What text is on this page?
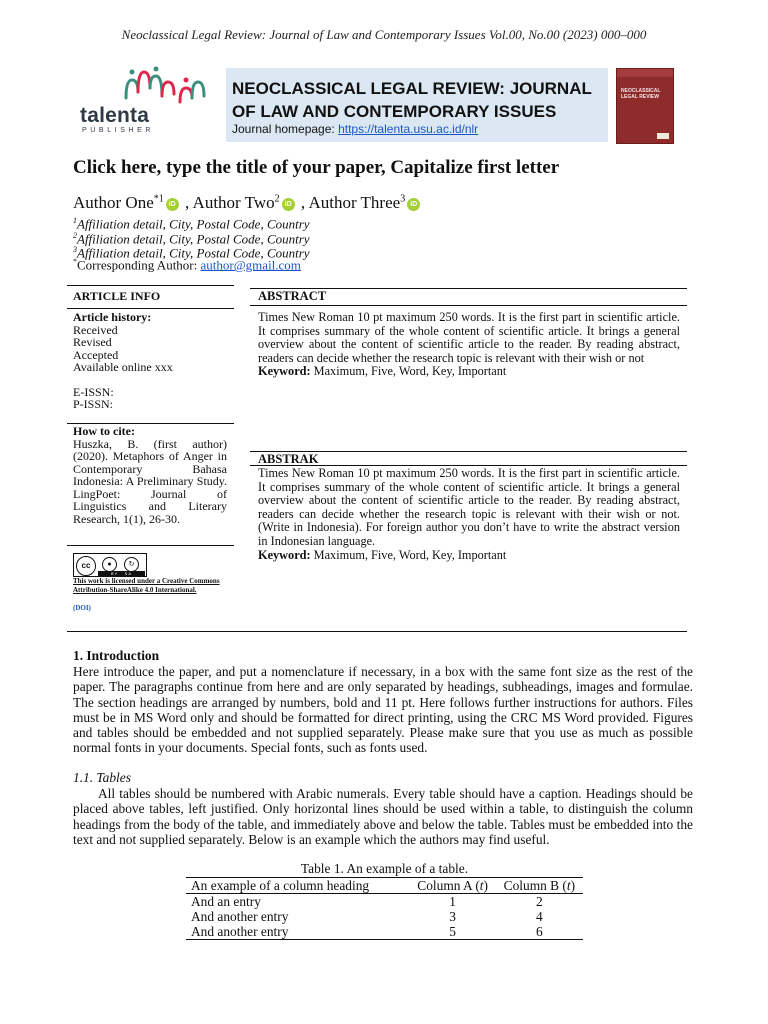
Neoclassical Legal Review: Journal of Law and Contemporary Issues Vol.00, No.00 (2023) 000–000
talenta
PUBLISHER
NEOCLASSICAL LEGAL REVIEW: JOURNAL OF LAW AND CONTEMPORARY ISSUES
Journal homepage: https://talenta.usu.ac.id/nlr
NEOCLASSICAL LEGAL REVIEW
Click here, type the title of your paper, Capitalize first letter
Author One$^{*1}$ iD , Author Two$^2$ iD , Author Three$^3$ iD
$^1$Affiliation detail, City, Postal Code, Country
$^2$Affiliation detail, City, Postal Code, Country
$^3$Affiliation detail, City, Postal Code, Country
*Corresponding Author: author@gmail.com
ARTICLE INFO
Article history:
Received
Revised
Accepted
Available online xxx
E-ISSN:
P-ISSN:
How to cite:
Huszka, B. (first author) (2020). Metaphors of Anger in Contemporary Bahasa Indonesia: A Preliminary Study. LingPoet: Journal of Linguistics and Literary Research, 1(1), 26-30.
cc	●	↻
BY SA
This work is licensed under a Creative Commons Attribution-ShareAlike 4.0 International.
(DOI)
ABSTRACT
Times New Roman 10 pt maximum 250 words. It is the first part in scientific article. It comprises summary of the whole content of scientific article. It brings a general overview about the content of scientific article to the reader. By reading abstract, readers can decide whether the research topic is relevant with their wish or not
Keyword: Maximum, Five, Word, Key, Important
ABSTRAK
Times New Roman 10 pt maximum 250 words. It is the first part in scientific article. It comprises summary of the whole content of scientific article. It brings a general overview about the content of scientific article to the reader. By reading abstract, readers can decide whether the research topic is relevant with their wish or not. (Write in Indonesia). For foreign author you don’t have to write the abstract version in Indonesian language.
Keyword: Maximum, Five, Word, Key, Important
1. Introduction
Here introduce the paper, and put a nomenclature if necessary, in a box with the same font size as the rest of the paper. The paragraphs continue from here and are only separated by headings, subheadings, images and formulae. The section headings are arranged by numbers, bold and 11 pt. Here follows further instructions for authors. Files must be in MS Word only and should be formatted for direct printing, using the CRC MS Word provided. Figures and tables should be embedded and not supplied separately. Please make sure that you use as much as possible normal fonts in your documents. Special fonts, such as fonts used.
1.1. Tables
All tables should be numbered with Arabic numerals. Every table should have a caption. Headings should be placed above tables, left justified. Only horizontal lines should be used within a table, to distinguish the column headings from the body of the table, and immediately above and below the table. Tables must be embedded into the text and not supplied separately. Below is an example which the authors may find useful.
Table 1. An example of a table.
An example of a column heading	Column A (t)	Column B (t)
And an entry	1	2
And another entry	3	4
And another entry	5	6
